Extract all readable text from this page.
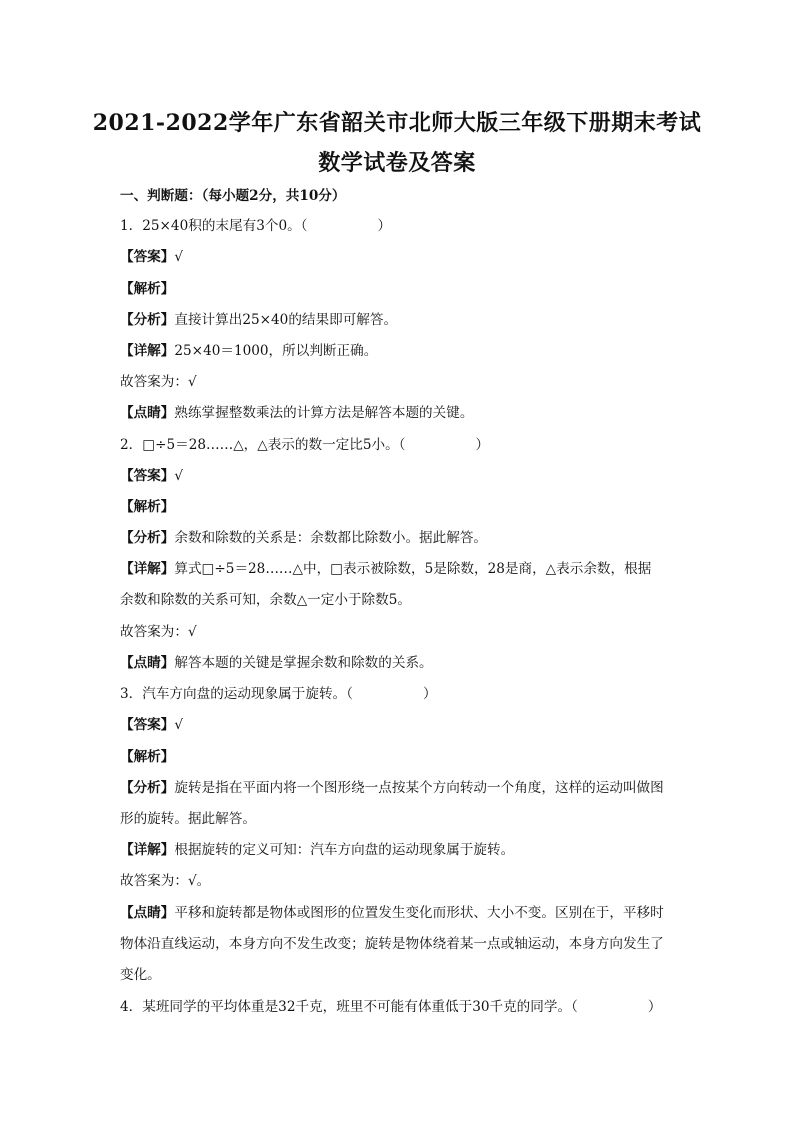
2021-2022学年广东省韶关市北师大版三年级下册期末考试
数学试卷及答案
一、判断题：（每小题2分，共10分）
1．25×40积的末尾有3个0。（	）
【答案】√
【解析】
【分析】直接计算出25×40的结果即可解答。
【详解】25×40＝1000，所以判断正确。
故答案为：√
【点睛】熟练掌握整数乘法的计算方法是解答本题的关键。
2．□÷5＝28……△，△表示的数一定比5小。（	）
【答案】√
【解析】
【分析】余数和除数的关系是：余数都比除数小。据此解答。
【详解】算式□÷5＝28……△中，□表示被除数，5是除数，28是商，△表示余数，根据
余数和除数的关系可知，余数△一定小于除数5。
故答案为：√
【点睛】解答本题的关键是掌握余数和除数的关系。
3．汽车方向盘的运动现象属于旋转。（	）
【答案】√
【解析】
【分析】旋转是指在平面内将一个图形绕一点按某个方向转动一个角度，这样的运动叫做图
形的旋转。据此解答。
【详解】根据旋转的定义可知：汽车方向盘的运动现象属于旋转。
故答案为：√。
【点睛】平移和旋转都是物体或图形的位置发生变化而形状、大小不变。区别在于，平移时
物体沿直线运动，本身方向不发生改变；旋转是物体绕着某一点或轴运动，本身方向发生了
变化。
4．某班同学的平均体重是32千克，班里不可能有体重低于30千克的同学。（	）
